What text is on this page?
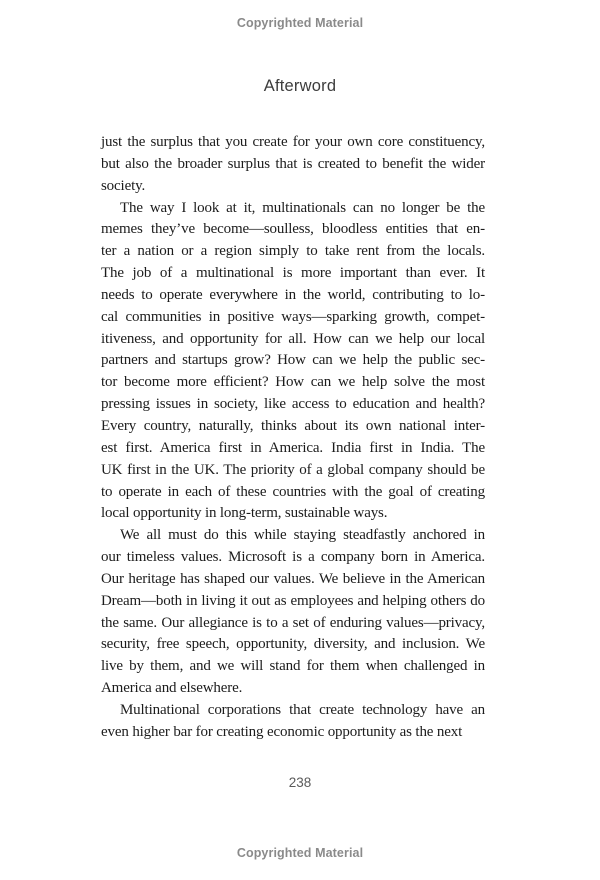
Copyrighted Material
Afterword
just the surplus that you create for your own core constituency,
but also the broader surplus that is created to benefit the wider
society.
The way I look at it, multinationals can no longer be the
memes they’ve become—soulless, bloodless entities that en-
ter a nation or a region simply to take rent from the locals.
The job of a multinational is more important than ever. It
needs to operate everywhere in the world, contributing to lo-
cal communities in positive ways—sparking growth, compet-
itiveness, and opportunity for all. How can we help our local
partners and startups grow? How can we help the public sec-
tor become more efficient? How can we help solve the most
pressing issues in society, like access to education and health?
Every country, naturally, thinks about its own national inter-
est first. America first in America. India first in India. The
UK first in the UK. The priority of a global company should be
to operate in each of these countries with the goal of creating
local opportunity in long-term, sustainable ways.
We all must do this while staying steadfastly anchored in
our timeless values. Microsoft is a company born in America.
Our heritage has shaped our values. We believe in the American
Dream—both in living it out as employees and helping others do
the same. Our allegiance is to a set of enduring values—privacy,
security, free speech, opportunity, diversity, and inclusion. We
live by them, and we will stand for them when challenged in
America and elsewhere.
Multinational corporations that create technology have an
even higher bar for creating economic opportunity as the next
238
Copyrighted Material
